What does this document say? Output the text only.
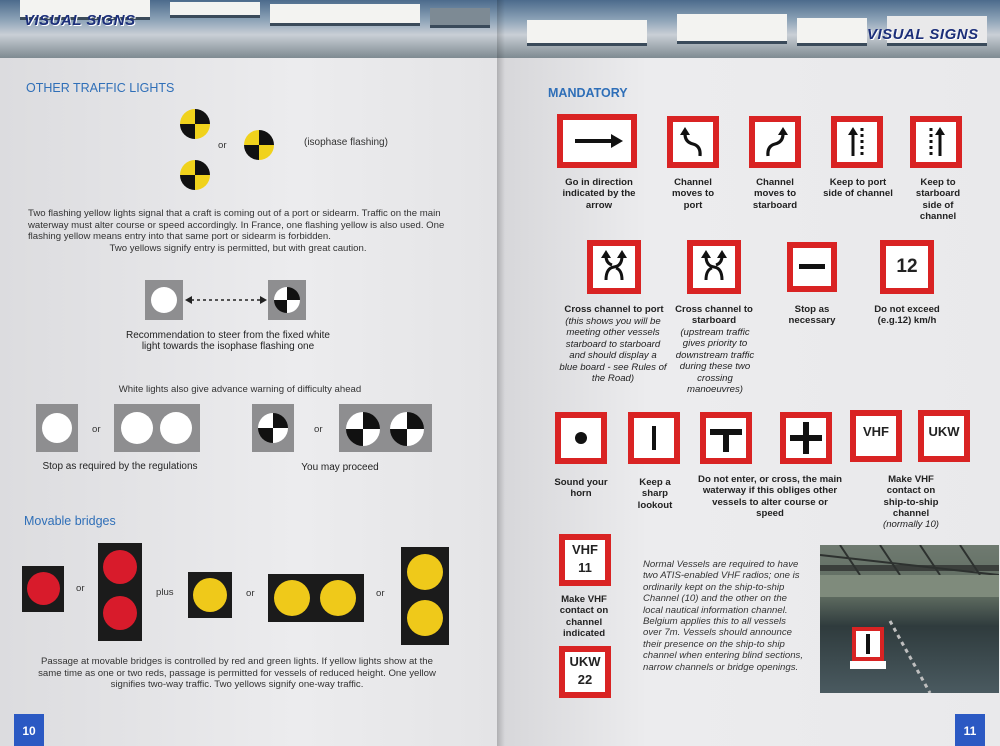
VISUAL SIGNS
OTHER TRAFFIC LIGHTS
or	(isophase flashing)
Two flashing yellow lights signal that a craft is coming out of a port or sidearm. Traffic on the main waterway must alter course or speed accordingly. In France, one flashing yellow is also used. One flashing yellow means entry into that same port or sidearm is forbidden.
Two yellows signify entry is permitted, but with great caution.
Recommendation to steer from the fixed white light towards the isophase flashing one
White lights also give advance warning of difficulty ahead
or
Stop as required by the regulations
or
You may proceed
Movable bridges
or	plus	or	or
Passage at movable bridges is controlled by red and green lights. If yellow lights show at the same time as one or two reds, passage is permitted for vessels of reduced height. One yellow signifies two-way traffic. Two yellows signify one-way traffic.
10
VISUAL SIGNS
MANDATORY
Go in direction indicated by the arrow
Channel moves to port
Channel moves to starboard
Keep to port side of channel
Keep to starboard side of channel
12
Cross channel to port
(this shows you will be meeting other vessels starboard to starboard and should display a blue board - see Rules of the Road)
Cross channel to starboard
(upstream traffic gives priority to downstream traffic during these two crossing manoeuvres)
Stop as necessary
Do not exceed (e.g.12) km/h
VHF	UKW
Sound your horn
Keep a sharp lookout
Do not enter, or cross, the main waterway if this obliges other vessels to alter course or speed
Make VHF contact on ship-to-ship channel
(normally 10)
VHF
11
Make VHF contact on channel indicated
UKW
22
Normal Vessels are required to have two ATIS-enabled VHF radios; one is ordinarily kept on the ship-to-ship Channel (10) and the other on the local nautical information channel. Belgium applies this to all vessels over 7m. Vessels should announce their presence on the ship-to ship channel when entering blind sections, narrow channels or bridge openings.
11
